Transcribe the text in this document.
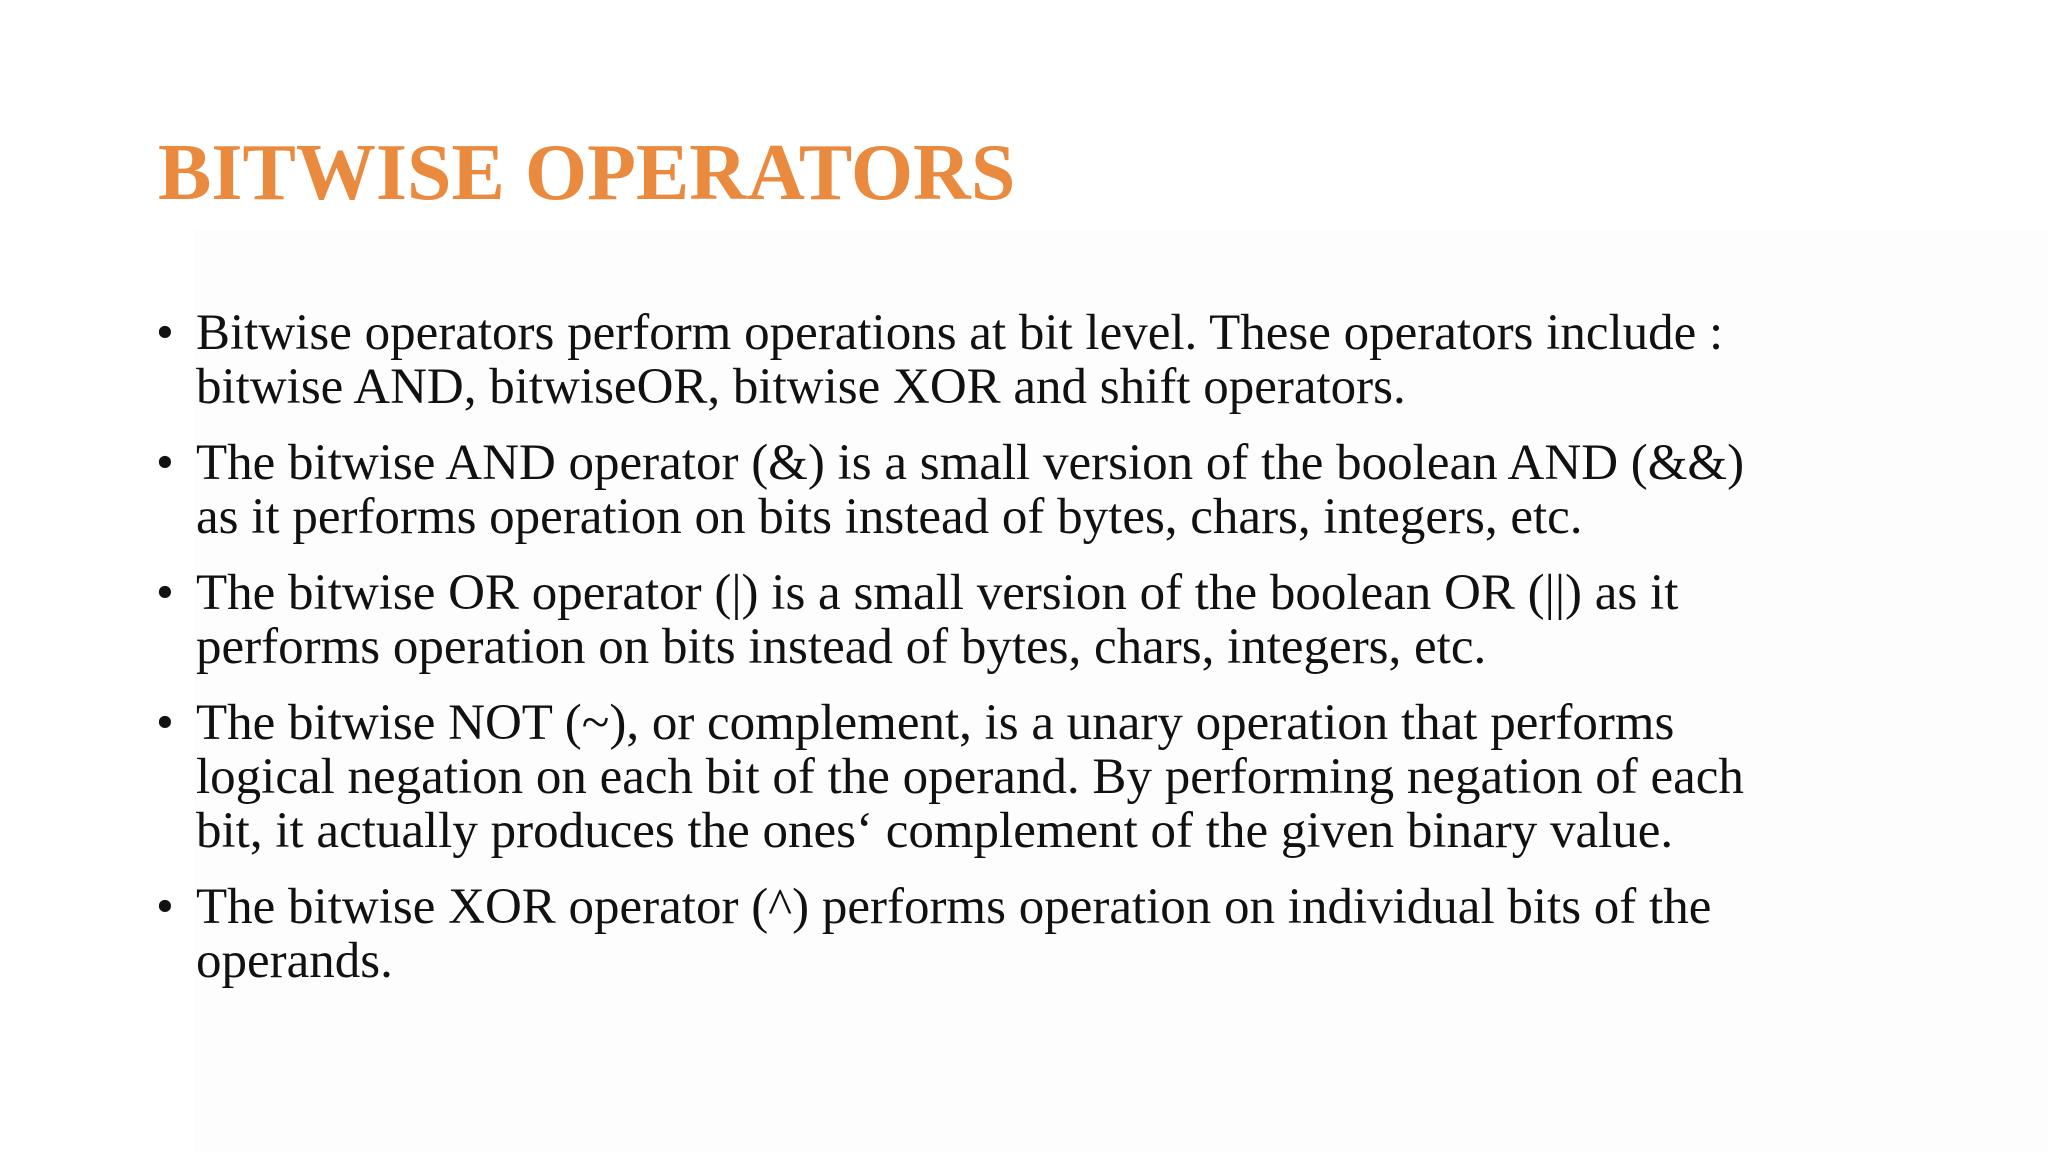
BITWISE OPERATORS
• Bitwise operators perform operations at bit level. These operators include :
bitwise AND, bitwiseOR, bitwise XOR and shift operators.
• The bitwise AND operator (&) is a small version of the boolean AND (&&)
as it performs operation on bits instead of bytes, chars, integers, etc.
• The bitwise OR operator (|) is a small version of the boolean OR (||) as it
performs operation on bits instead of bytes, chars, integers, etc.
• The bitwise NOT (~), or complement, is a unary operation that performs
logical negation on each bit of the operand. By performing negation of each
bit, it actually produces the ones‘ complement of the given binary value.
• The bitwise XOR operator (^) performs operation on individual bits of the
operands.
